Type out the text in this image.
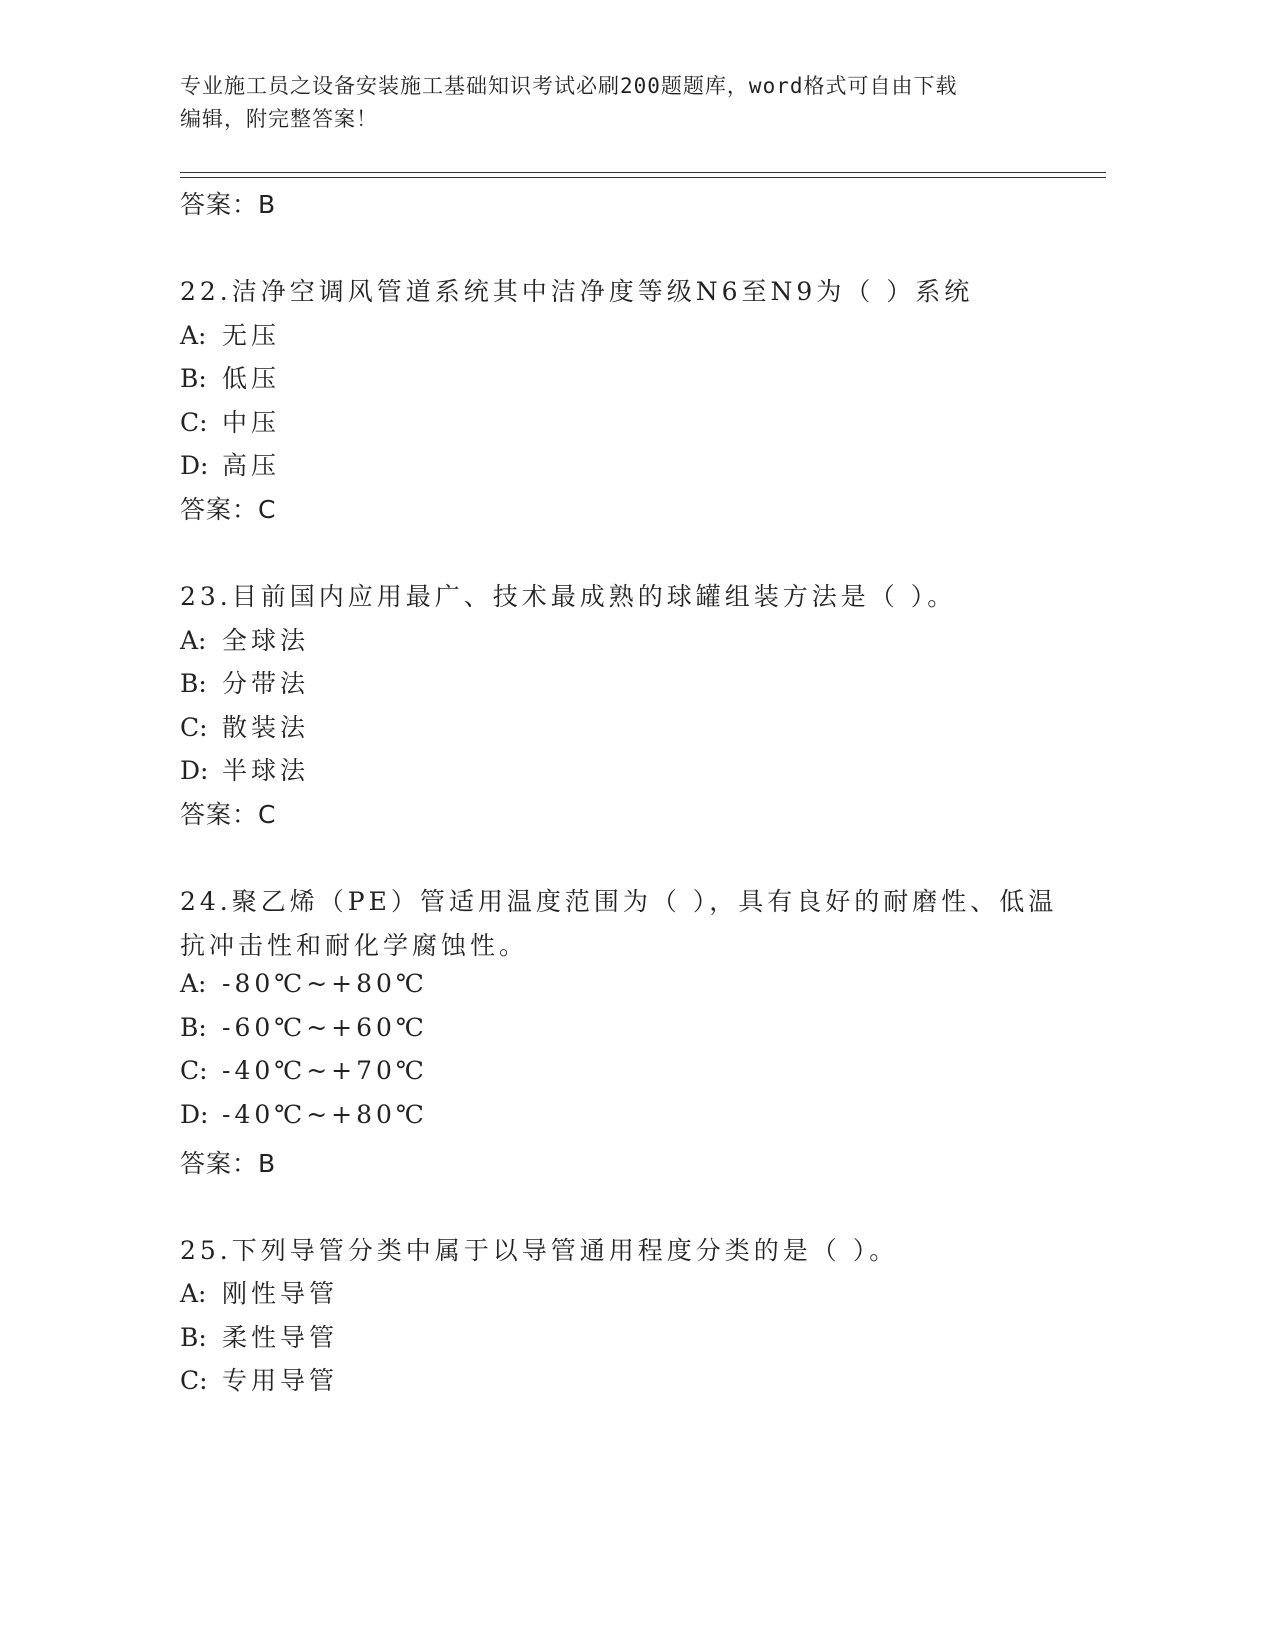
专业施工员之设备安装施工基础知识考试必刷200题题库，word格式可自由下载
编辑，附完整答案！
答案：B
22.洁净空调风管道系统其中洁净度等级N6至N9为（ ）系统
A: 无压
B: 低压
C: 中压
D: 高压
答案：C
23.目前国内应用最广、技术最成熟的球罐组装方法是（ ）。
A: 全球法
B: 分带法
C: 散装法
D: 半球法
答案：C
24.聚乙烯（PE）管适用温度范围为（ ），具有良好的耐磨性、低温
抗冲击性和耐化学腐蚀性。
A: -80℃~+80℃
B: -60℃~+60℃
C: -40℃~+70℃
D: -40℃~+80℃
答案：B
25.下列导管分类中属于以导管通用程度分类的是（ ）。
A: 刚性导管
B: 柔性导管
C: 专用导管
